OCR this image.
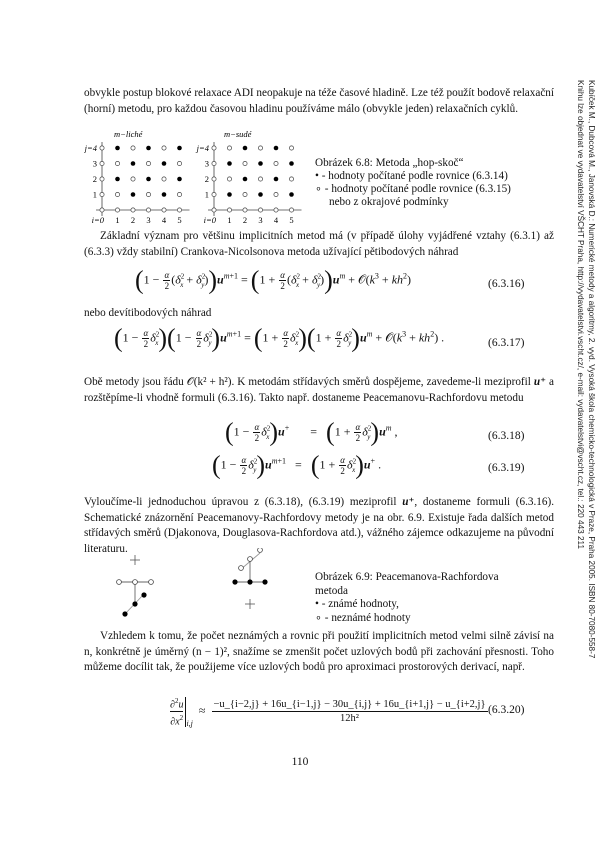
Kubíček M., Dubcová M., Janovská D.: Numerické metody a algoritmy, 2. vyd. Vysoká škola chemicko-technologická v Praze, Praha 2005. ISBN 80-7080-558-7
Knihu lze objednat ve vydavatelství VŠCHT Praha, http://vydavatelstvi.vscht.cz/, e-mail: vydavatelstvi@vscht.cz, tel.: 220 443 211
obvykle postup blokové relaxace ADI neopakuje na téže časové hladině. Lze též použít bodově relaxační (horní) metodu, pro každou časovou hladinu používáme málo (obvykle jeden) relaxačních cyklů.
m−liché	m−sudé
j=4
3
2
1
i=0 1 2 3 4 5
j=4
3
2
1
i=0 1 2 3 4 5
Obrázek 6.8: Metoda „hop-skoč“
• - hodnoty počítané podle rovnice (6.3.14)
∘ - hodnoty počítané podle rovnice (6.3.15)
nebo z okrajové podmínky
Základní význam pro většinu implicitních metod má (v případě úlohy vyjádřené vztahy (6.3.1) až (6.3.3) vždy stabilní) Crankova-Nicolsonova metoda užívající pětibodových náhrad
$(1 - \frac{\alpha}{2} (\delta^2_x + \delta^2_y))u^{m+1} = (1 + \frac{\alpha}{2} (\delta^2_x + \delta^2_y))u^m$ + $𝒪(k^3 + kh^2)$	(6.3.16)
nebo devítibodových náhrad
$(1 - \frac{\alpha}{2} \delta^2_x)(1 - \frac{\alpha}{2} \delta^2_y)u^{m+1} = (1 + \frac{\alpha}{2} \delta^2_x)(1 + \frac{\alpha}{2} \delta^2_y)u^m$ + $𝒪(k^3 + kh^2)$ .	(6.3.17)
Obě metody jsou řádu 𝒪(k² + h²). K metodám střídavých směrů dospějeme, zavedeme-li meziprofil u⁺ a rozštěpíme-li vhodně formuli (6.3.16). Takto např. dostaneme Peacemanovu-Rachfordovu metodu
$(1 - \frac{\alpha}{2} \delta^2_x)u^+$       =   $(1 + \frac{\alpha}{2} \delta^2_y)u^m$ ,	(6.3.18)
$(1 - \frac{\alpha}{2} \delta^2_y)u^{m+1} = (1 + \frac{\alpha}{2} \delta^2_x)u^+$ .	(6.3.19)
Vyloučíme-li jednoduchou úpravou z (6.3.18), (6.3.19) meziprofil u⁺, dostaneme formuli (6.3.16). Schematické znázornění Peacemanovy-Rachfordovy metody je na obr. 6.9. Existuje řada dalších metod střídavých směrů (Djakonova, Douglasova-Rachfordova atd.), vážného zájemce odkazujeme na původní literaturu.
Obrázek 6.9: Peacemanova-Rachfordova metoda
• - známé hodnoty,
∘ - neznámé hodnoty
Vzhledem k tomu, že počet neznámých a rovnic při použití implicitních metod velmi silně závisí na n, konkrétně je úměrný (n − 1)², snažíme se zmenšit počet uzlových bodů při zachování přesnosti. Toho můžeme docílit tak, že použijeme více uzlových bodů pro aproximaci prostorových derivací, např.
$\frac{\partial^2u}{\partial x^2} _{i,j}$  ≈ −u_{i−2,j} + 16u_{i−1,j} − 30u_{i,j} + 16u_{i+1,j} − u_{i+2,j}
12h²
(6.3.20)
110
